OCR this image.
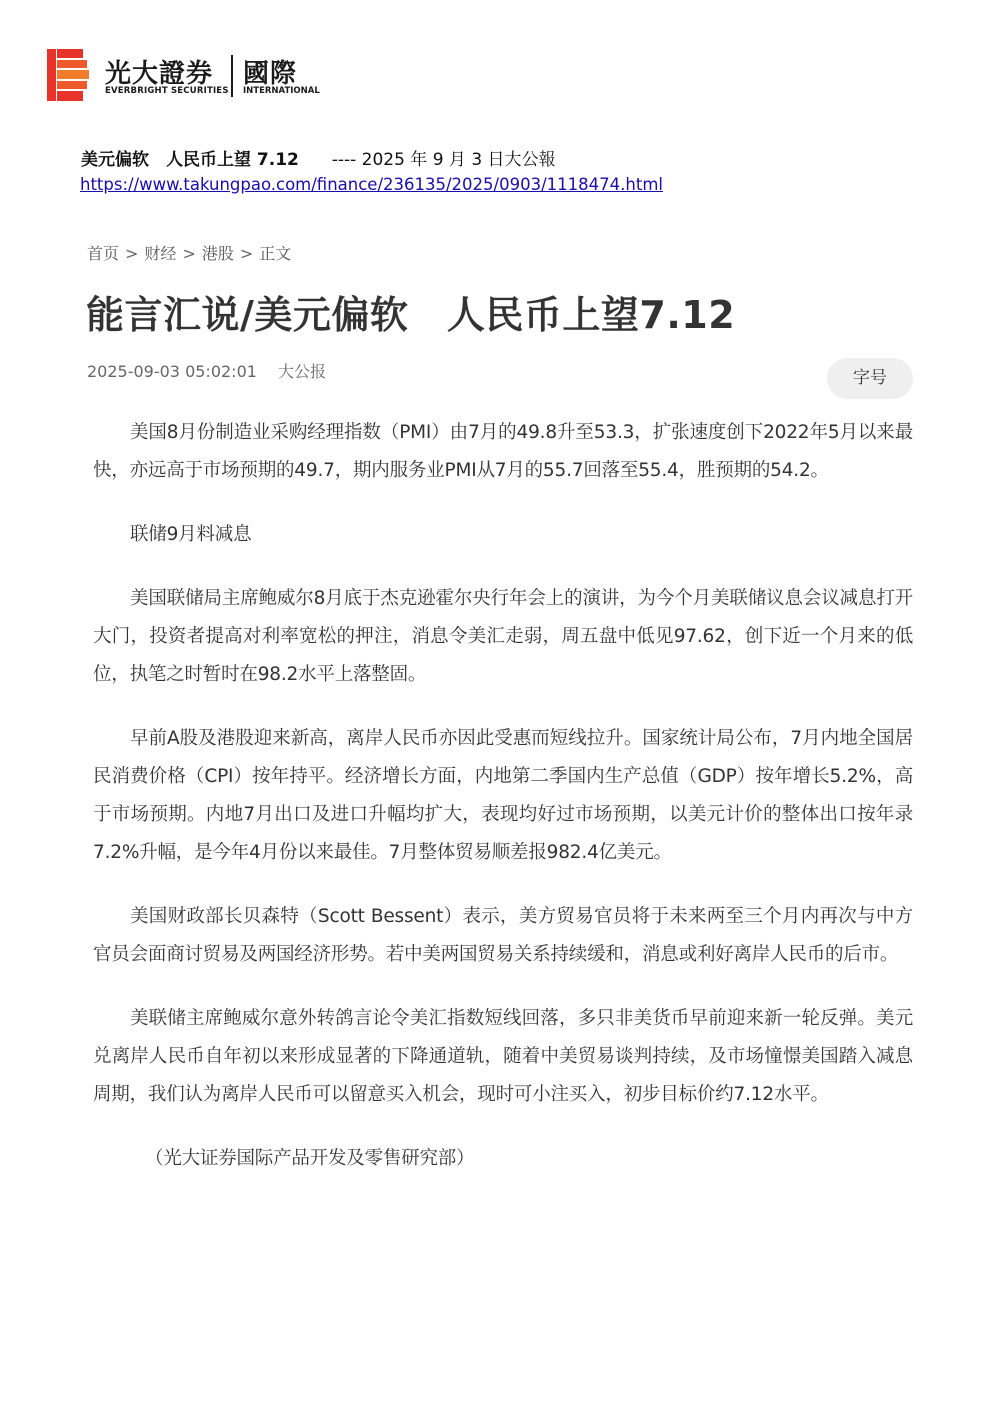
光大證券
EVERBRIGHT SECURITIES
國際
INTERNATIONAL
美元偏软　人民币上望 7.12 ---- 2025 年 9 月 3 日大公報
https://www.takungpao.com/finance/236135/2025/0903/1118474.html
首页 > 财经 > 港股 > 正文
能言汇说/美元偏软　人民币上望7.12
2025-09-03 05:02:01 大公报	字号

美国8月份制造业采购经理指数（PMI）由7月的49.8升至53.3，扩张速度创下2022年5月以来最快，亦远高于市场预期的49.7，期内服务业PMI从7月的55.7回落至55.4，胜预期的54.2。

联储9月料减息

美国联储局主席鲍威尔8月底于杰克逊霍尔央行年会上的演讲，为今个月美联储议息会议减息打开大门，投资者提高对利率宽松的押注，消息令美汇走弱，周五盘中低见97.62，创下近一个月来的低位，执笔之时暂时在98.2水平上落整固。

早前A股及港股迎来新高，离岸人民币亦因此受惠而短线拉升。国家统计局公布，7月内地全国居民消费价格（CPI）按年持平。经济增长方面，内地第二季国内生产总值（GDP）按年增长5.2%，高于市场预期。内地7月出口及进口升幅均扩大，表现均好过市场预期，以美元计价的整体出口按年录7.2%升幅，是今年4月份以来最佳。7月整体贸易顺差报982.4亿美元。

美国财政部长贝森特（Scott Bessent）表示，美方贸易官员将于未来两至三个月内再次与中方官员会面商讨贸易及两国经济形势。若中美两国贸易关系持续缓和，消息或利好离岸人民币的后市。

美联储主席鲍威尔意外转鸽言论令美汇指数短线回落，多只非美货币早前迎来新一轮反弹。美元兑离岸人民币自年初以来形成显著的下降通道轨，随着中美贸易谈判持续，及市场憧憬美国踏入减息周期，我们认为离岸人民币可以留意买入机会，现时可小注买入，初步目标价约7.12水平。

（光大证券国际产品开发及零售研究部）
